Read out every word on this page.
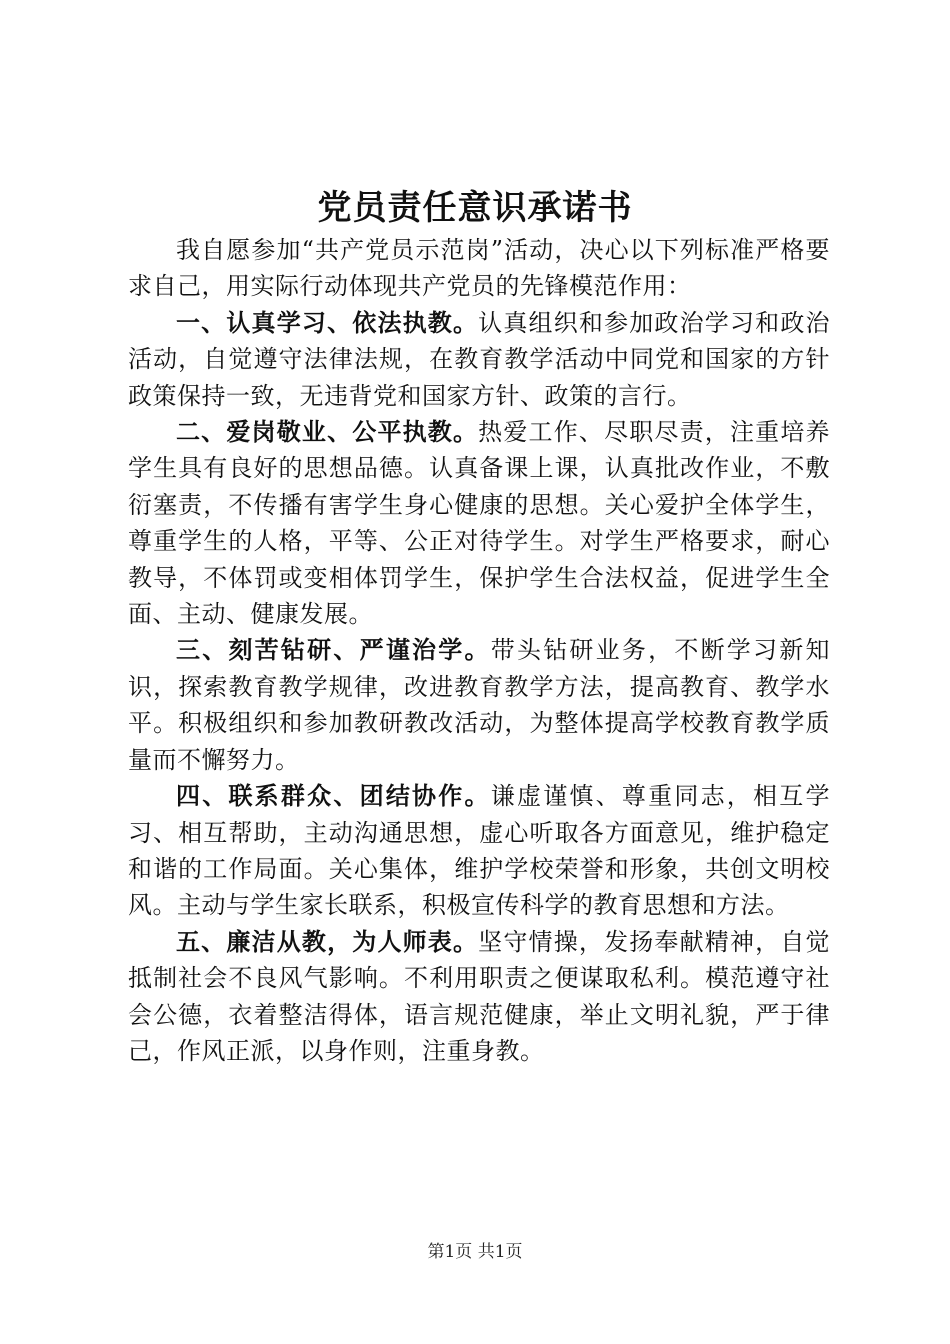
党员责任意识承诺书

我自愿参加“共产党员示范岗”活动，决心以下列标准严格要求自己，用实际行动体现共产党员的先锋模范作用：

一、认真学习、依法执教。认真组织和参加政治学习和政治活动，自觉遵守法律法规，在教育教学活动中同党和国家的方针政策保持一致，无违背党和国家方针、政策的言行。

二、爱岗敬业、公平执教。热爱工作、尽职尽责，注重培养学生具有良好的思想品德。认真备课上课，认真批改作业，不敷衍塞责，不传播有害学生身心健康的思想。关心爱护全体学生，尊重学生的人格，平等、公正对待学生。对学生严格要求，耐心教导，不体罚或变相体罚学生，保护学生合法权益，促进学生全面、主动、健康发展。

三、刻苦钻研、严谨治学。带头钻研业务，不断学习新知识，探索教育教学规律，改进教育教学方法，提高教育、教学水平。积极组织和参加教研教改活动，为整体提高学校教育教学质量而不懈努力。

四、联系群众、团结协作。谦虚谨慎、尊重同志，相互学习、相互帮助，主动沟通思想，虚心听取各方面意见，维护稳定和谐的工作局面。关心集体，维护学校荣誉和形象，共创文明校风。主动与学生家长联系，积极宣传科学的教育思想和方法。

五、廉洁从教，为人师表。坚守情操，发扬奉献精神，自觉抵制社会不良风气影响。不利用职责之便谋取私利。模范遵守社会公德，衣着整洁得体，语言规范健康，举止文明礼貌，严于律己，作风正派，以身作则，注重身教。

第1页 共1页
